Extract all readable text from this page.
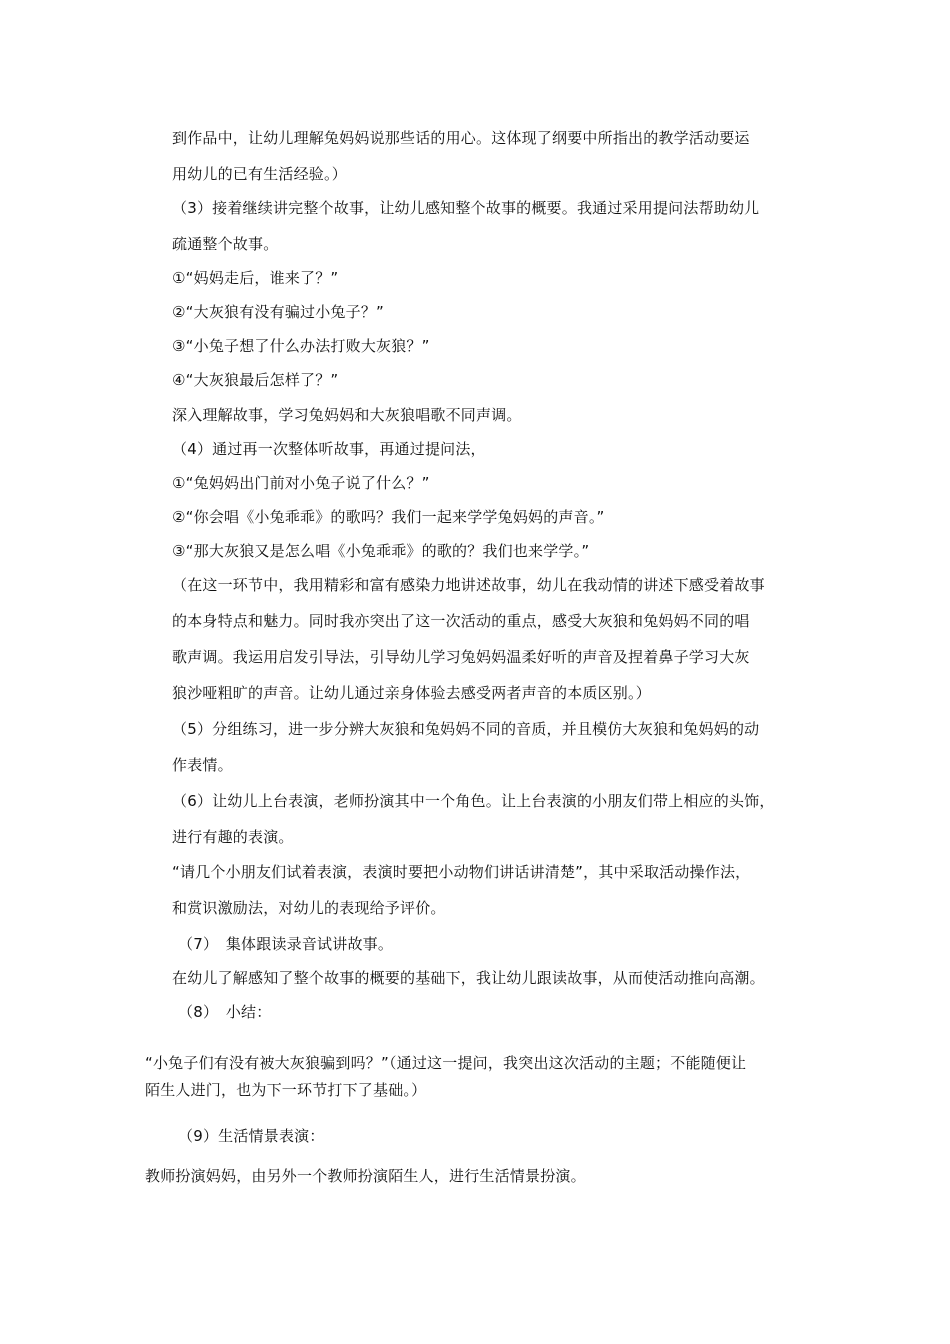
到作品中，让幼儿理解兔妈妈说那些话的用心。这体现了纲要中所指出的教学活动要运
用幼儿的已有生活经验。）
（3）接着继续讲完整个故事，让幼儿感知整个故事的概要。我通过采用提问法帮助幼儿
疏通整个故事。
①“妈妈走后，谁来了？”
②“大灰狼有没有骗过小兔子？”
③“小兔子想了什么办法打败大灰狼？”
④“大灰狼最后怎样了？”
深入理解故事，学习兔妈妈和大灰狼唱歌不同声调。
（4）通过再一次整体听故事，再通过提问法，
①“兔妈妈出门前对小兔子说了什么？”
②“你会唱《小兔乖乖》的歌吗？我们一起来学学兔妈妈的声音。”
③“那大灰狼又是怎么唱《小兔乖乖》的歌的？我们也来学学。”
（在这一环节中，我用精彩和富有感染力地讲述故事，幼儿在我动情的讲述下感受着故事
的本身特点和魅力。同时我亦突出了这一次活动的重点，感受大灰狼和兔妈妈不同的唱
歌声调。我运用启发引导法，引导幼儿学习兔妈妈温柔好听的声音及捏着鼻子学习大灰
狼沙哑粗旷的声音。让幼儿通过亲身体验去感受两者声音的本质区别。）
（5）分组练习，进一步分辨大灰狼和兔妈妈不同的音质，并且模仿大灰狼和兔妈妈的动
作表情。
（6）让幼儿上台表演，老师扮演其中一个角色。让上台表演的小朋友们带上相应的头饰，
进行有趣的表演。
“请几个小朋友们试着表演，表演时要把小动物们讲话讲清楚”，其中采取活动操作法，
和赏识激励法，对幼儿的表现给予评价。
（7）　集体跟读录音试讲故事。
在幼儿了解感知了整个故事的概要的基础下，我让幼儿跟读故事，从而使活动推向高潮。
（8）　小结：
“小兔子们有没有被大灰狼骗到吗？”（通过这一提问，我突出这次活动的主题；不能随便让
陌生人进门，也为下一环节打下了基础。）
（9）生活情景表演：
教师扮演妈妈，由另外一个教师扮演陌生人，进行生活情景扮演。
